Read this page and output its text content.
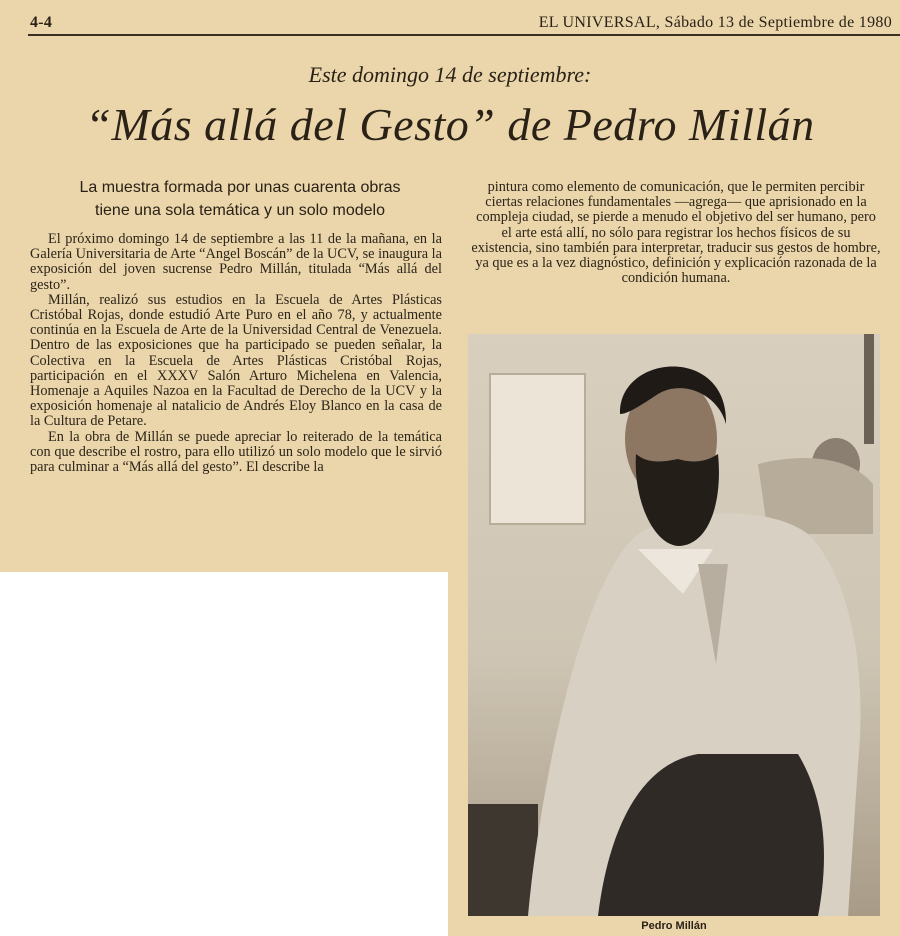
4-4	EL UNIVERSAL, Sábado 13 de Septiembre de 1980
Este domingo 14 de septiembre:
“Más allá del Gesto” de Pedro Millán
La muestra formada por unas cuarenta obras
tiene una sola temática y un solo modelo

El próximo domingo 14 de septiembre a las 11 de la mañana, en la Galería Universitaria de Arte “Angel Boscán” de la UCV, se inaugura la exposición del joven sucrense Pedro Millán, titulada “Más allá del gesto”.

Millán, realizó sus estudios en la Escuela de Artes Plásticas Cristóbal Rojas, donde estudió Arte Puro en el año 78, y actualmente continúa en la Escuela de Arte de la Universidad Central de Venezuela. Dentro de las exposiciones que ha participado se pueden señalar, la Colectiva en la Escuela de Artes Plásticas Cristóbal Rojas, participación en el XXXV Salón Arturo Michelena en Valencia, Homenaje a Aquiles Nazoa en la Facultad de Derecho de la UCV y la exposición homenaje al natalicio de Andrés Eloy Blanco en la casa de la Cultura de Petare.

En la obra de Millán se puede apreciar lo reiterado de la temática con que describe el rostro, para ello utilizó un solo modelo que le sirvió para culminar a “Más allá del gesto”. El describe la

pintura como elemento de comunicación, que le permiten percibir ciertas relaciones fundamentales —agrega— que aprisionado en la compleja ciudad, se pierde a menudo el objetivo del ser humano, pero el arte está allí, no sólo para registrar los hechos físicos de su existencia, sino también para interpretar, traducir sus gestos de hombre, ya que es a la vez diagnóstico, definición y explicación razonada de la condición humana.

Pedro Millán
